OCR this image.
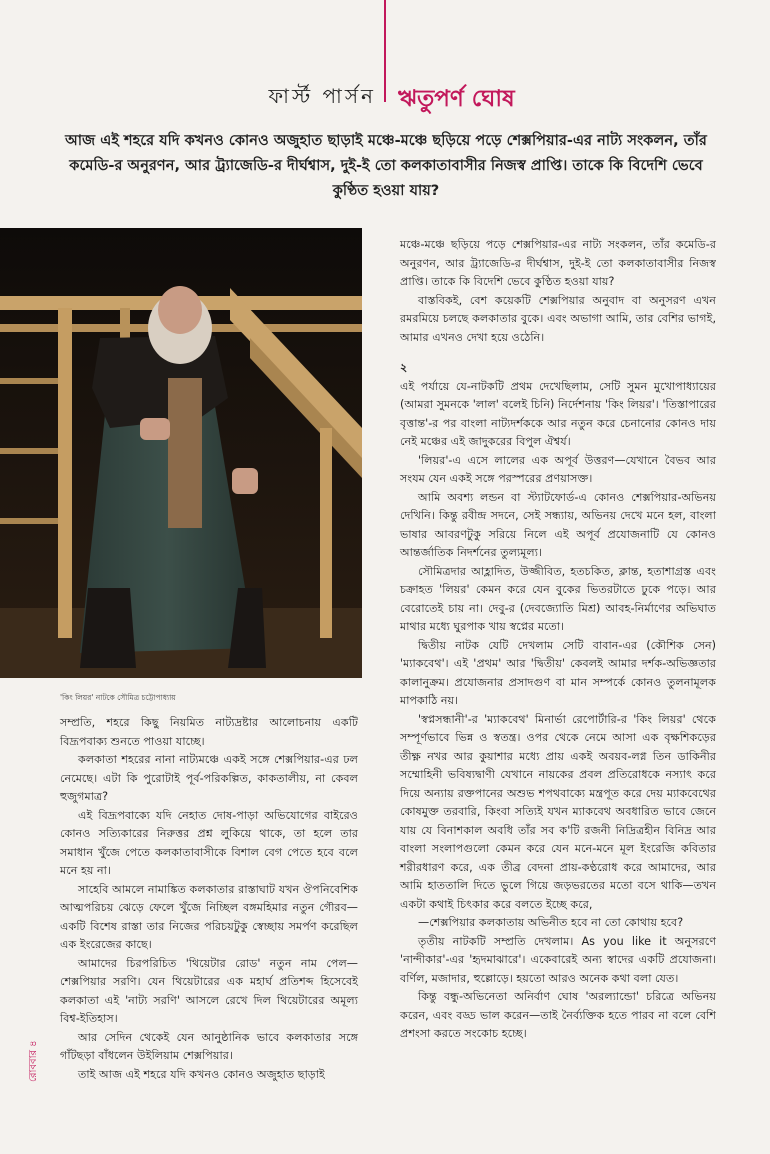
ফার্স্ট পার্সন ঋতুপর্ণ ঘোষ
আজ এই শহরে যদি কখনও কোনও অজুহাত ছাড়াই মঞ্চে-মঞ্চে ছড়িয়ে পড়ে শেক্সপিয়ার-এর নাট্য সংকলন, তাঁর কমেডি-র অনুরণন, আর ট্র্যাজেডি-র দীর্ঘশ্বাস, দুই-ই তো কলকাতাবাসীর নিজস্ব প্রাপ্তি। তাকে কি বিদেশি ভেবে কুণ্ঠিত হওয়া যায়?
'কিং লিয়র' নাটকে সৌমিত্র চট্টোপাধ্যায়

সম্প্রতি, শহরে কিছু নিয়মিত নাট্যদ্রষ্টার আলোচনায় একটি বিদ্রূপবাক্য শুনতে পাওয়া যাচ্ছে।

কলকাতা শহরের নানা নাট্যমঞ্চে একই সঙ্গে শেক্সপিয়ার-এর ঢল নেমেছে। এটা কি পুরোটাই পূর্ব-পরিকল্পিত, কাকতালীয়, না কেবল হুজুগমাত্র?

এই বিদ্রূপবাক্যে যদি নেহাত দোষ-পাড়া অভিযোগের বাইরেও কোনও সত্যিকারের নিরুত্তর প্রশ্ন লুকিয়ে থাকে, তা হলে তার সমাধান খুঁজে পেতে কলকাতাবাসীকে বিশাল বেগ পেতে হবে বলে মনে হয় না।

সাহেবি আমলে নামাঙ্কিত কলকাতার রাস্তাঘাট যখন ঔপনিবেশিক আত্মপরিচয় ঝেড়ে ফেলে খুঁজে নিচ্ছিল বঙ্গমহিমার নতুন গৌরব—একটি বিশেষ রাস্তা তার নিজের পরিচয়টুকু স্বেচ্ছায় সমর্পণ করেছিল এক ইংরেজের কাছে।

আমাদের চিরপরিচিত 'থিয়েটার রোড' নতুন নাম পেল—শেক্সপিয়ার সরণি। যেন থিয়েটারের এক মহার্ঘ প্রতিশব্দ হিসেবেই কলকাতা এই 'নাট্য সরণি' আসলে রেখে দিল থিয়েটারের অমূল্য বিশ্ব-ইতিহাস।

আর সেদিন থেকেই যেন আনুষ্ঠানিক ভাবে কলকাতার সঙ্গে গাঁটছড়া বাঁধলেন উইলিয়াম শেক্সপিয়ার।

তাই আজ এই শহরে যদি কখনও কোনও অজুহাত ছাড়াই

মঞ্চে-মঞ্চে ছড়িয়ে পড়ে শেক্সপিয়ার-এর নাট্য সংকলন, তাঁর কমেডি-র অনুরণন, আর ট্র্যাজেডি-র দীর্ঘশ্বাস, দুই-ই তো কলকাতাবাসীর নিজস্ব প্রাপ্তি। তাকে কি বিদেশি ভেবে কুণ্ঠিত হওয়া যায়?

বাস্তবিকই, বেশ কয়েকটি শেক্সপিয়ার অনুবাদ বা অনুসরণ এখন রমরমিয়ে চলছে কলকাতার বুকে। এবং অভাগা আমি, তার বেশির ভাগই, আমার এখনও দেখা হয়ে ওঠেনি।

২

এই পর্যায়ে যে-নাটকটি প্রথম দেখেছিলাম, সেটি সুমন মুখোপাধ্যায়ের (আমরা সুমনকে 'লাল' বলেই চিনি) নির্দেশনায় 'কিং লিয়র'। 'তিস্তাপারের বৃত্তান্ত'-র পর বাংলা নাট্যদর্শককে আর নতুন করে চেনানোর কোনও দায় নেই মঞ্চের এই জাদুকরের বিপুল ঐশ্বর্য।

'লিয়র'-এ এসে লালের এক অপূর্ব উত্তরণ—যেখানে বৈভব আর সংযম যেন একই সঙ্গে পরস্পরের প্রণয়াসক্ত।

আমি অবশ্য লন্ডন বা স্ট্যাটফোর্ড-এ কোনও শেক্সপিয়ার-অভিনয় দেখিনি। কিন্তু রবীন্দ্র সদনে, সেই সন্ধ্যায়, অভিনয় দেখে মনে হল, বাংলা ভাষার আবরণটুকু সরিয়ে নিলে এই অপূর্ব প্রযোজনাটি যে কোনও আন্তর্জাতিক নিদর্শনের তুল্যমূল্য।

সৌমিত্রদার আহ্লাদিত, উজ্জীবিত, হতচকিত, ক্লান্ত, হতাশাগ্রস্ত এবং চক্রাহত 'লিয়র' কেমন করে যেন বুকের ভিতরটাতে ঢুকে পড়ে। আর বেরোতেই চায় না। দেবু-র (দেবজ্যোতি মিশ্র) আবহ-নির্মাণের অভিঘাত মাথার মধ্যে ঘুরপাক খায় স্বপ্নের মতো।

দ্বিতীয় নাটক যেটি দেখলাম সেটি বাবান-এর (কৌশিক সেন) 'ম্যাকবেথ'। এই 'প্রথম' আর 'দ্বিতীয়' কেবলই আমার দর্শক-অভিজ্ঞতার কালানুক্রম। প্রযোজনার প্রসাদগুণ বা মান সম্পর্কে কোনও তুলনামূলক মাপকাঠি নয়।

'স্বপ্নসন্ধানী'-র 'ম্যাকবেথ' মিনার্ভা রেপোর্টারি-র 'কিং লিয়র' থেকে সম্পূর্ণভাবে ভিন্ন ও স্বতন্ত্র। ওপর থেকে নেমে আসা এক বৃক্ষশিকড়ের তীক্ষ্ণ নখর আর কুয়াশার মধ্যে প্রায় একই অবয়ব-লগ্ন তিন ডাকিনীর সম্মোহিনী ভবিষ্যদ্বাণী যেখানে নায়কের প্রবল প্রতিরোধকে নস্যাৎ করে দিয়ে অন্যায় রক্তপানের অশুভ শপথবাক্যে মন্ত্রপূত করে দেয় ম্যাকবেথের কোষমুক্ত তরবারি, কিংবা সত্যিই যখন ম্যাকবেথ অবধারিত ভাবে জেনে যায় যে বিনাশকাল অবধি তাঁর সব ক'টি রজনী নিদ্রিত্রহীন বিনিদ্র আর বাংলা সংলাপগুলো কেমন করে যেন মনে-মনে মূল ইংরেজি কবিতার শরীরধারণ করে, এক তীব্র বেদনা প্রায়-কণ্ঠরোধ করে আমাদের, আর আমি হাততালি দিতে ভুলে গিয়ে জড়ভরতের মতো বসে থাকি—তখন একটা কথাই চিৎকার করে বলতে ইচ্ছে করে,

—শেক্সপিয়ার কলকাতায় অভিনীত হবে না তো কোথায় হবে?

তৃতীয় নাটকটি সম্প্রতি দেখলাম। As you like it অনুসরণে 'নান্দীকার'-এর 'হৃদমাঝারে'। একেবারেই অন্য স্বাদের একটি প্রযোজনা। বর্ণিল, মজাদার, হুল্লোড়ে। হয়তো আরও অনেক কথা বলা যেত।

কিন্তু বন্ধু-অভিনেতা অনির্বাণ ঘোষ 'অরল্যান্ডো' চরিত্রে অভিনয় করেন, এবং বড্ড ভাল করেন—তাই নৈর্ব্যক্তিক হতে পারব না বলে বেশি প্রশংসা করতে সংকোচ হচ্ছে।

রোববার ৪
